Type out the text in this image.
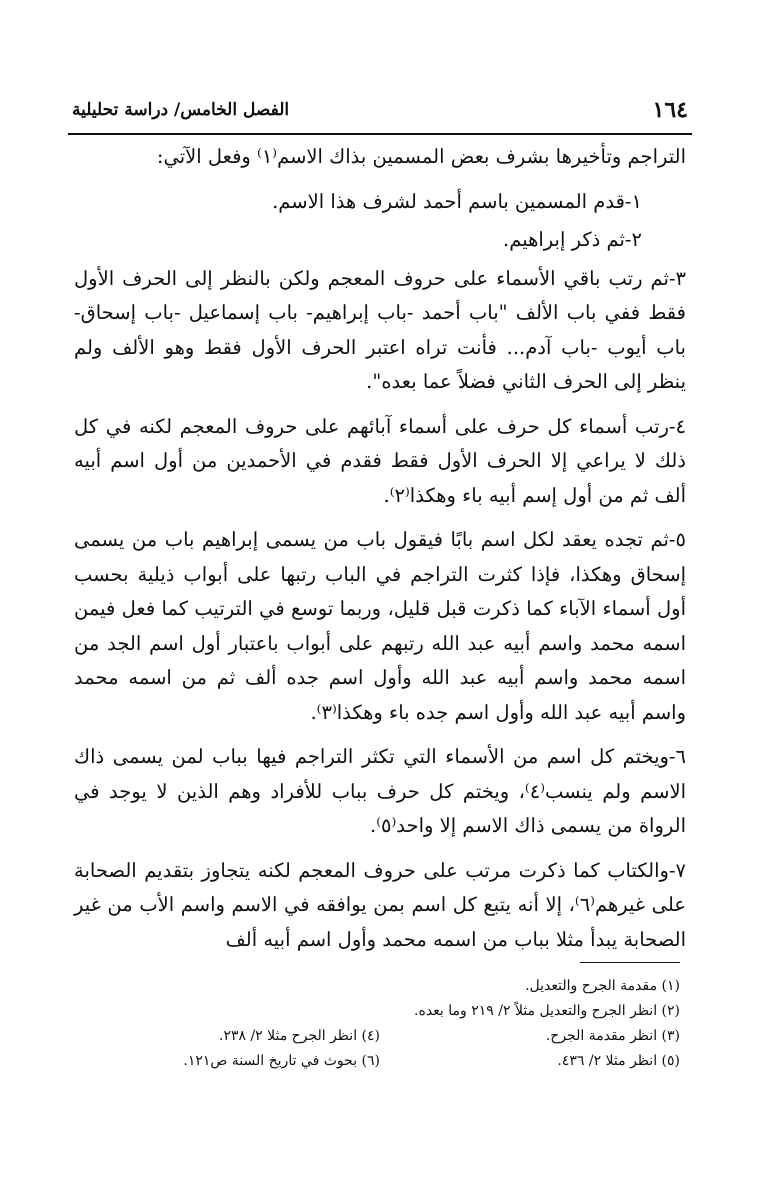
١٦٤
الفصل الخامس/ دراسة تحليلية

التراجم وتأخيرها بشرف بعض المسمين بذاك الاسم⁽١⁾ وفعل الآتي:

١-قدم المسمين باسم أحمد لشرف هذا الاسم.

٢-ثم ذكر إبراهيم.

٣-ثم رتب باقي الأسماء على حروف المعجم ولكن بالنظر إلى الحرف الأول فقط ففي باب الألف "باب أحمد -باب إبراهيم- باب إسماعيل -باب إسحاق- باب أيوب -باب آدم... فأنت تراه اعتبر الحرف الأول فقط وهو الألف ولم ينظر إلى الحرف الثاني فضلاً عما بعده".

٤-رتب أسماء كل حرف على أسماء آبائهم على حروف المعجم لكنه في كل ذلك لا يراعي إلا الحرف الأول فقط فقدم في الأحمدين من أول اسم أبيه ألف ثم من أول إسم أبيه باء وهكذا⁽٢⁾.

٥-ثم تجده يعقد لكل اسم بابًا فيقول باب من يسمى إبراهيم باب من يسمى إسحاق وهكذا، فإذا كثرت التراجم في الباب رتبها على أبواب ذيلية بحسب أول أسماء الآباء كما ذكرت قبل قليل، وربما توسع في الترتيب كما فعل فيمن اسمه محمد واسم أبيه عبد الله رتبهم على أبواب باعتبار أول اسم الجد من اسمه محمد واسم أبيه عبد الله وأول اسم جده ألف ثم من اسمه محمد واسم أبيه عبد الله وأول اسم جده باء وهكذا⁽٣⁾.

٦-ويختم كل اسم من الأسماء التي تكثر التراجم فيها بباب لمن يسمى ذاك الاسم ولم ينسب⁽٤⁾، ويختم كل حرف بباب للأفراد وهم الذين لا يوجد في الرواة من يسمى ذاك الاسم إلا واحد⁽٥⁾.

٧-والكتاب كما ذكرت مرتب على حروف المعجم لكنه يتجاوز بتقديم الصحابة على غيرهم⁽٦⁾، إلا أنه يتبع كل اسم بمن يوافقه في الاسم واسم الأب من غير الصحابة يبدأ مثلا بباب من اسمه محمد وأول اسم أبيه ألف

(١) مقدمة الجرح والتعديل.
(٢) انظر الجرح والتعديل مثلاً ٢/ ٢١٩ وما بعده.
(٣) انظر مقدمة الجرح.
(٤) انظر الجرح مثلا ٢/ ٢٣٨.
(٥) انظر مثلا ٢/ ٤٣٦.
(٦) بحوث في تاريخ السنة ص١٢١.
